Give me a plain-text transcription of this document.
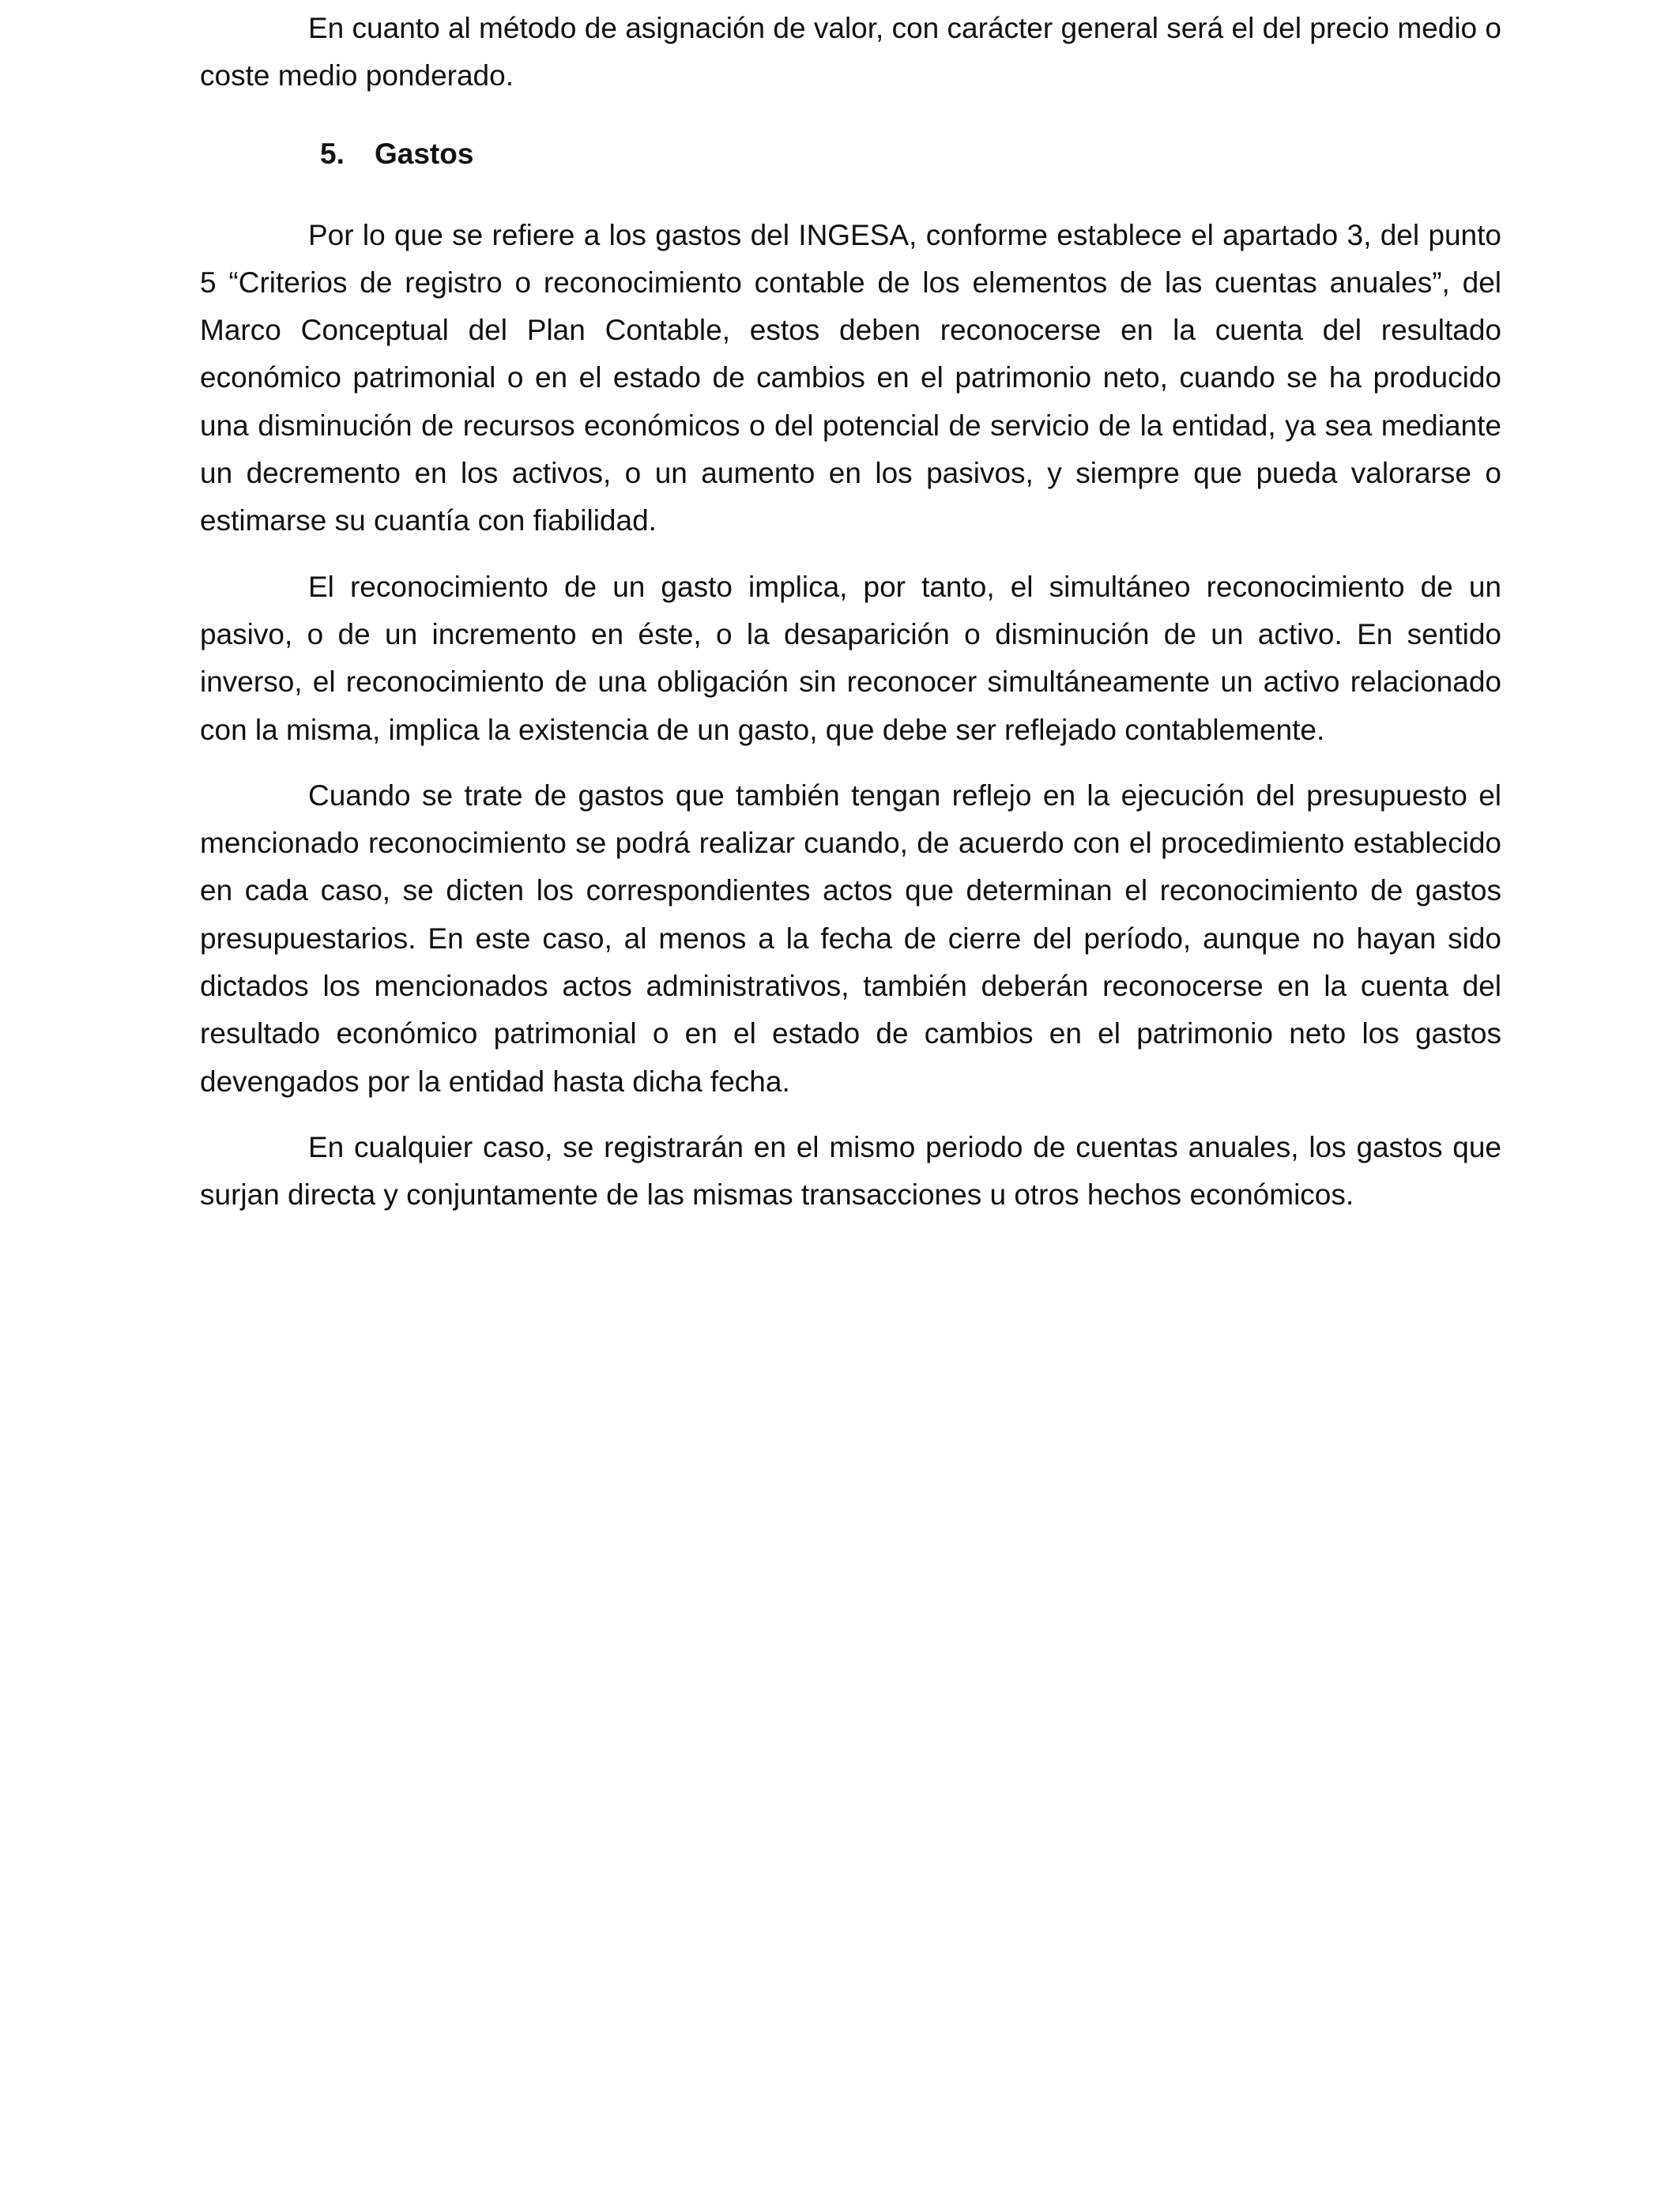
En cuanto al método de asignación de valor, con carácter general será el del precio medio o coste medio ponderado.

5.	Gastos

Por lo que se refiere a los gastos del INGESA, conforme establece el apartado 3, del punto 5 “Criterios de registro o reconocimiento contable de los elementos de las cuentas anuales”, del Marco Conceptual del Plan Contable, estos deben reconocerse en la cuenta del resultado económico patrimonial o en el estado de cambios en el patrimonio neto, cuando se ha producido una disminución de recursos económicos o del potencial de servicio de la entidad, ya sea mediante un decremento en los activos, o un aumento en los pasivos, y siempre que pueda valorarse o estimarse su cuantía con fiabilidad.

El reconocimiento de un gasto implica, por tanto, el simultáneo reconocimiento de un pasivo, o de un incremento en éste, o la desaparición o disminución de un activo. En sentido inverso, el reconocimiento de una obligación sin reconocer simultáneamente un activo relacionado con la misma, implica la existencia de un gasto, que debe ser reflejado contablemente.

Cuando se trate de gastos que también tengan reflejo en la ejecución del presupuesto el mencionado reconocimiento se podrá realizar cuando, de acuerdo con el procedimiento establecido en cada caso, se dicten los correspondientes actos que determinan el reconocimiento de gastos presupuestarios. En este caso, al menos a la fecha de cierre del período, aunque no hayan sido dictados los mencionados actos administrativos, también deberán reconocerse en la cuenta del resultado económico patrimonial o en el estado de cambios en el patrimonio neto los gastos devengados por la entidad hasta dicha fecha.

En cualquier caso, se registrarán en el mismo periodo de cuentas anuales, los gastos que surjan directa y conjuntamente de las mismas transacciones u otros hechos económicos.
